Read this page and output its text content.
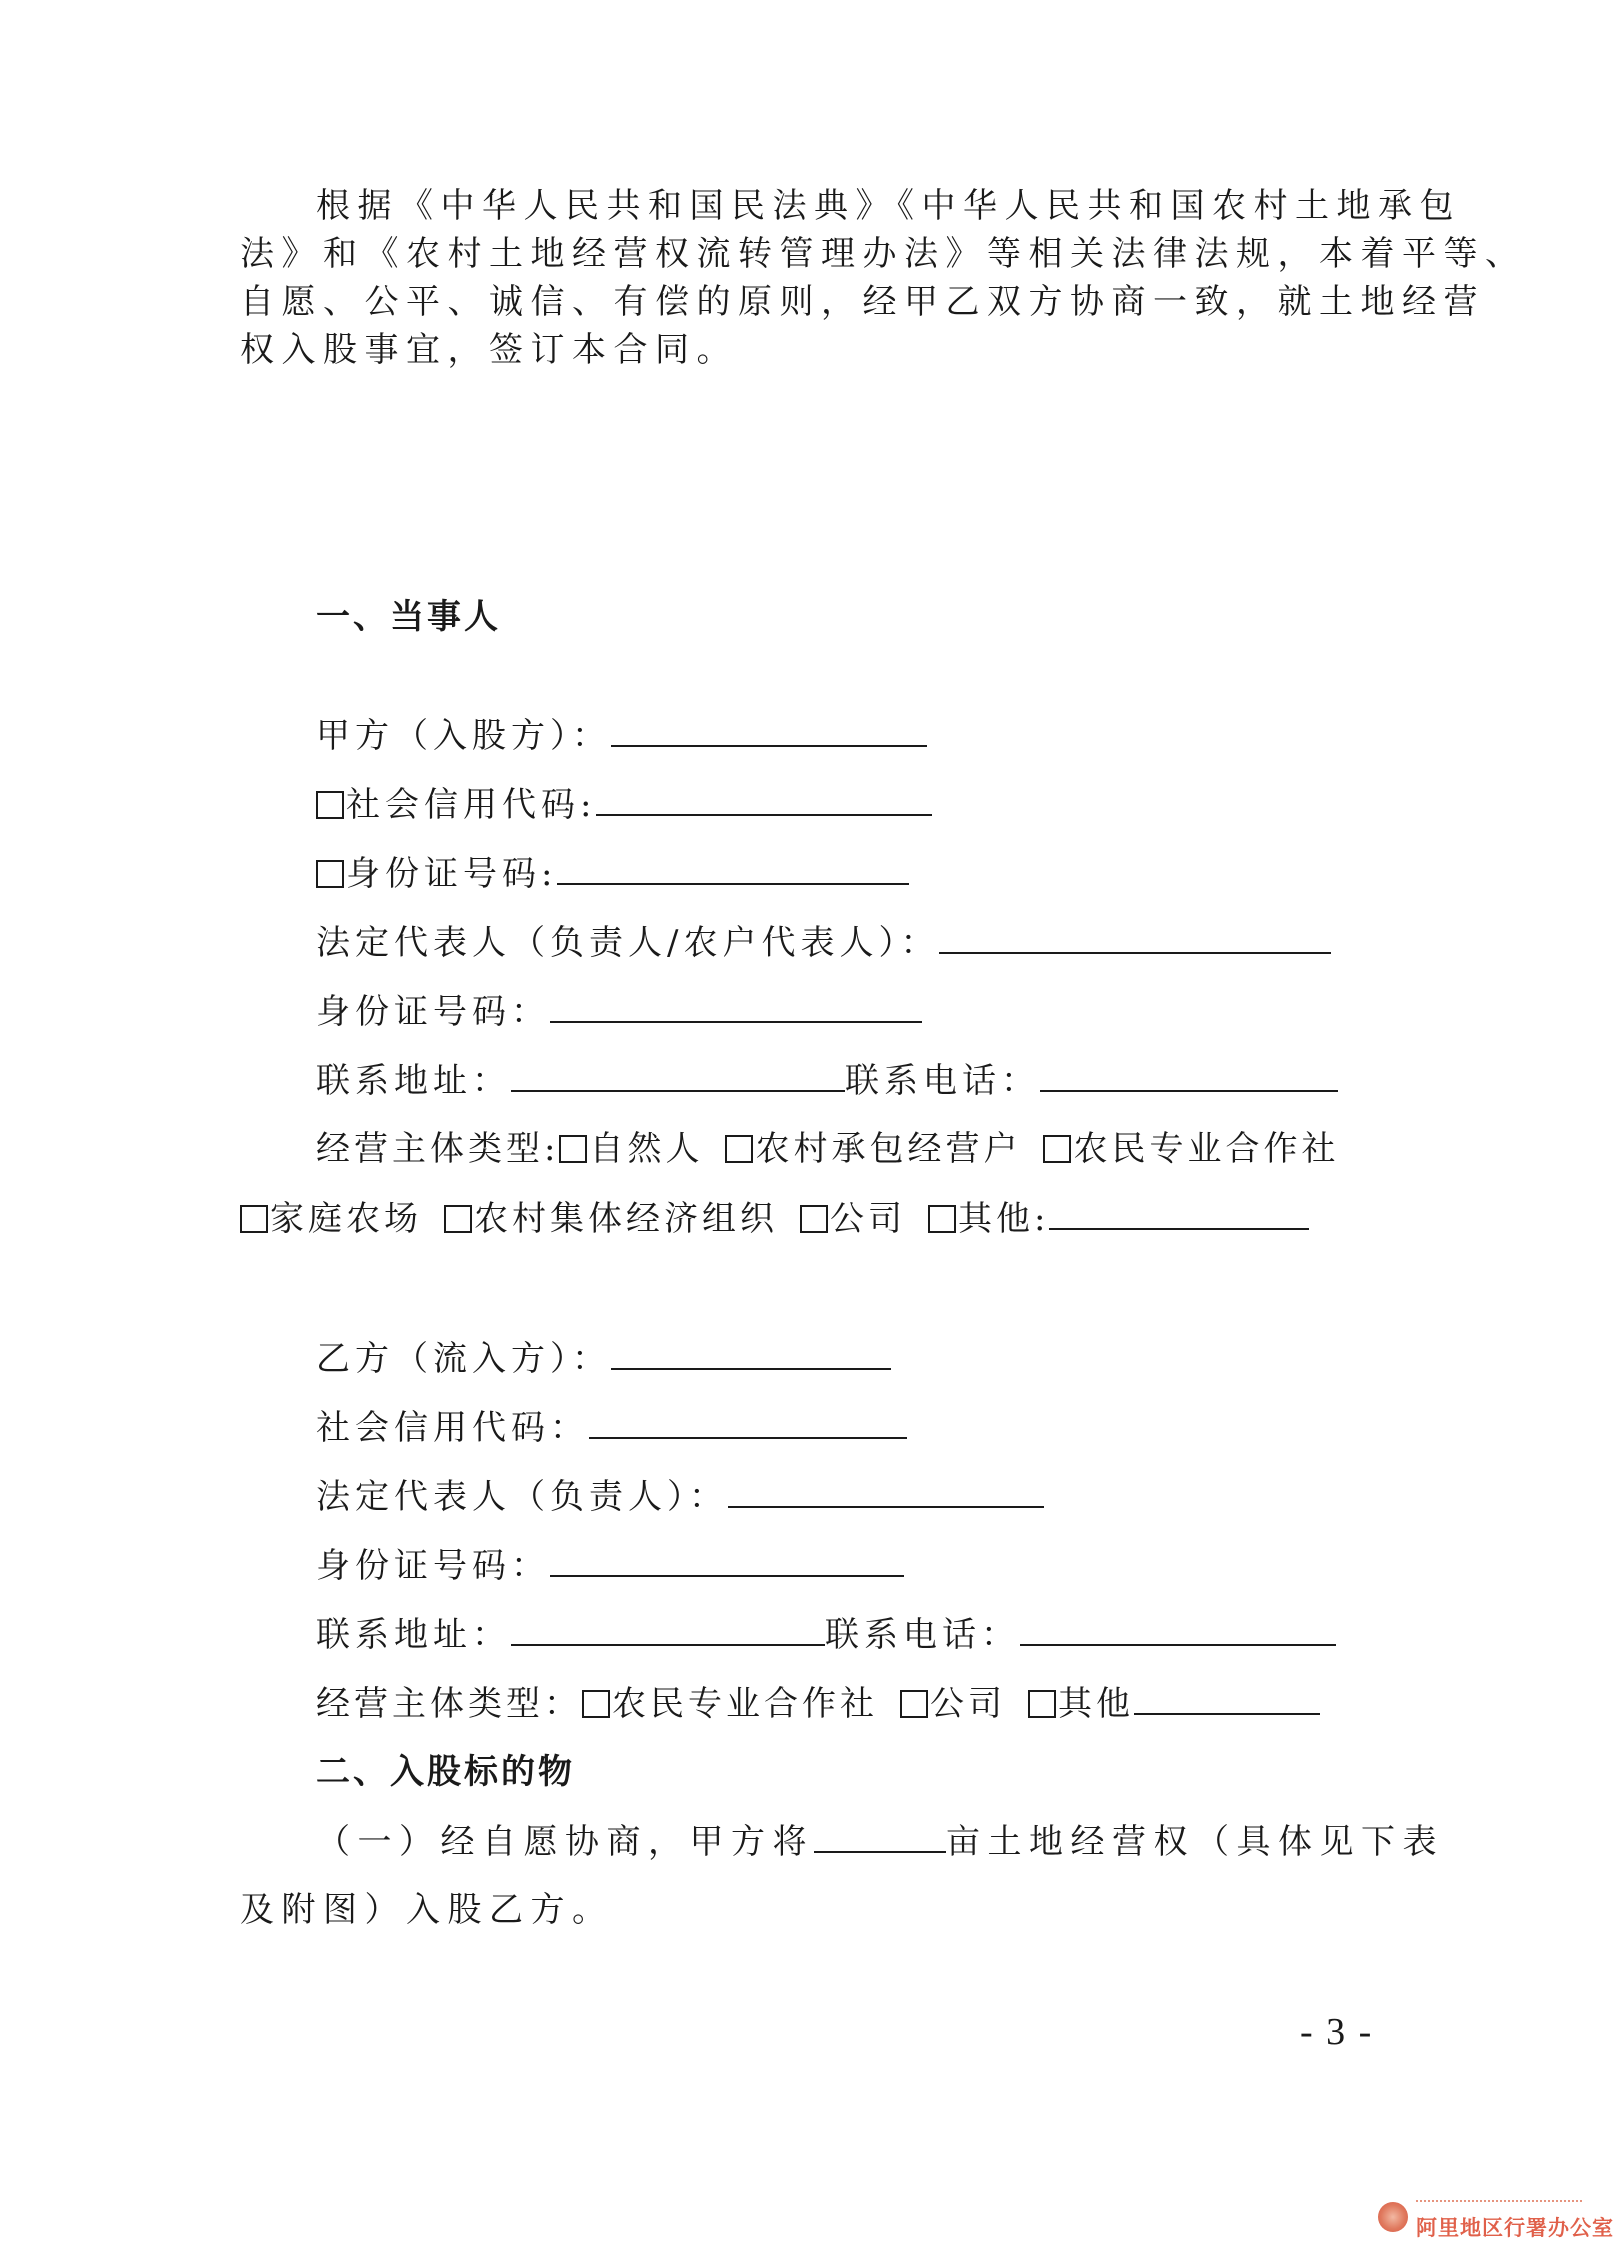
根据《中华人民共和国民法典》《中华人民共和国农村土地承包
法》和《农村土地经营权流转管理办法》等相关法律法规，本着平等、
自愿、公平、诚信、有偿的原则，经甲乙双方协商一致，就土地经营
权入股事宜，签订本合同。
一、当事人
甲方（入股方）：
社会信用代码:
身份证号码:
法定代表人（负责人/农户代表人）：
身份证号码：
联系地址：	联系电话：
经营主体类型: 自然人 农村承包经营户 农民专业合作社
家庭农场 农村集体经济组织 公司 其他:
乙方（流入方）：
社会信用代码：
法定代表人（负责人）：
身份证号码：
联系地址：	联系电话：
经营主体类型： 农民专业合作社 公司 其他
二、入股标的物
（一）经自愿协商，甲方将	亩土地经营权（具体见下表
及附图）入股乙方。
- 3 -
阿里地区行署办公室
